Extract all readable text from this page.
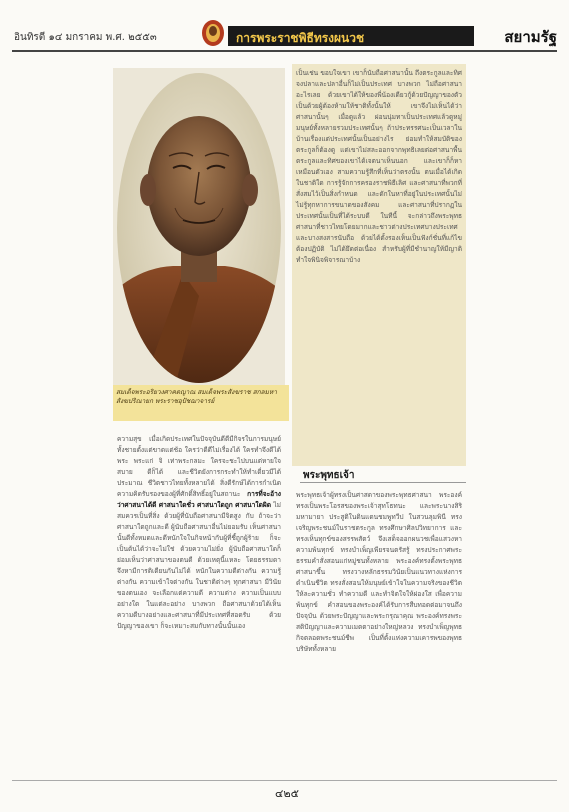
อินทิรตี ๑๔ มกราคม พ.ศ. ๒๕๕๓	การพระราชพิธีทรงผนวช	สยามรัฐ
สมเด็จพระอริยวงศาคตญาณ สมเด็จพระสังฆราช สกลมหาสังฆปริณายก พระราชอุปัชฌาจารย์
เป็นเช่น ขอบใจเขา เขาก็นับถือศาสนานั้น ถึงตระกูลและทิศจงปลาและปลาอื่นก็ไม่เป็นประเทศ บางพวก ไม่ถือศาสนาอะไรเลย ด้วยเขาได้ให้ของพี่น้องเดียวกู้ด้วยปัญญาของตัวเป็นด้วยผู้ต้องห้ามให้ชาติทั้งนั้นให้ เขาจึงไม่เห็นได้ว่าศาสนานั้นๆ เมื่อดูแล้ว ผ่อนนุ่มทาเป็นประเทศแล้วดูหมู่มนุษย์ทั้งหลายรวมประเทศนั้นๆ ถ้าประทรรศนะเป็นเวลาในบ้านเรื่องแต่ประเทศนั้นเป็นอย่างไร ย่อมทำให้สมบัติของตระกูลก็ต้องดู แต่เขาไม่สละออกจากพุทธิเลยต่อศาสนาพื้นตระกูลและทิศของเขาได้เจตนาเห็นนอก และเขาก็ก็หาเหมือนตัวเอง สามความรู้สึกที่เห็นว่าตรงนั้น ตนเมื่อได้เกิดในชาติใด การรู้จักการครองราชพิธีเลิศ และศาสนาที่พวกที่สั่งสมไว้เป็นสิ่งกำหนด และดักในหาที่อยู่ในประเทศนั้นไม่ ไม่รู้ทุกหาการขนาดของสังคม และศาสนาที่ปรากฏในประเทศนั้นเป็นที่ได้ระบบดี ในทีนี้ จะกล่าวถึงพระพุทธศาสนาที่ชาวไทยโดยมากและชาวต่างประเทศบางประเทศและบางสงสารนับถือ ด้วยได้ตั้งรองเห็นเป็นฟังก์ชั่นที่แก้ไขต้องปฏิบัติ ไม่ได้ยึดต่อเนื่อง สำหรับผู้ที่มีชำนาญให้มีญาติทำใจพินิจพิจารณาบ้าง
พระพุทธเจ้า
พระพุทธเจ้าผู้ทรงเป็นศาสดาของพระพุทธศาสนา พระองค์ทรงเป็นพระโอรสของพระเจ้าสุทโธทนะ และพระนางสิริมหามายา ประสูติในดินแดนชมพูทวีป ในสวนลุมพินี ทรงเจริญพระชนม์ในราชตระกูล ทรงศึกษาศิลปวิทยาการ และทรงเห็นทุกข์ของสรรพสัตว์ จึงเสด็จออกผนวชเพื่อแสวงหาความพ้นทุกข์ ทรงบำเพ็ญเพียรจนตรัสรู้ ทรงประกาศพระธรรมคำสั่งสอนแก่หมู่ชนทั้งหลาย พระองค์ทรงตั้งพระพุทธศาสนาขึ้น ทรงวางหลักธรรมวินัยเป็นแนวทางแห่งการดำเนินชีวิต ทรงสั่งสอนให้มนุษย์เข้าใจในความจริงของชีวิต ให้ละความชั่ว ทำความดี และทำจิตใจให้ผ่องใส เพื่อความพ้นทุกข์ คำสอนของพระองค์ได้รับการสืบทอดต่อมาจนถึงปัจจุบัน ด้วยพระปัญญาและพระกรุณาคุณ พระองค์ทรงพระสติปัญญาและความเมตตาอย่างใหญ่หลวง ทรงบำเพ็ญพุทธกิจตลอดพระชนม์ชีพ เป็นที่ตั้งแห่งความเคารพของพุทธบริษัททั้งหลาย
ความสุข เมื่อเกิดประเทศในปัจจุบันดีดีมีกิจรในการมนุษย์ ทั้งชายตั้งแต่ขาดแต่ช้อ ใครว่าดีดีไม่เรื่องได้ ใครทำจึงดีได้พระ พระแก่ จิ เท่าพระกลมะ ใครจะชะไปบนแต่หายใจสบาย ดีก็ได้ และชีวิตยังการกระทำให้ทำเดี่ยวมีได้ประมาณ ชีวิตชาวไทยทั้งหลายได้ สิ่งดีรักษ์ได้การกำเนิดความคิดรับรองของผู้ที่ศักดิ์สิทธิ์อยู่ในสถานะ การที่จะอ้างว่าศาสนาได้ดี ศาสนาใดชั่ว ศาสนาใดถูก ศาสนาใดผิด ไม่สมควรเป็นที่สิ่ง ด้วยผู้ที่นับถือศาสนามีจิตสูง กับ ถ้าจะว่าศาสนาใดถูกและดี ผู้นับถือศาสนาอื่นไม่ยอมรับ เห็นศาสนานั้นดีทั้งหมดและดีหนักใจในกิจหน้ากับผู้ที่ชี้ถูกผู้ร้าย ก็จะเป็นต้นได้ว่าจะไม่ใช่ ด้วยความไม่ยั่ง ผู้นับถือศาสนาใดก็ย่อมเห็นว่าศาสนาของตนดี ด้วยเหตุนี้แหละ โดยธรรมดาจึงหามีการติเตียนกันไม่ได้ หนักในความดีต่างกัน ความรู้ต่างกัน ความเข้าใจต่างกัน ในชาติต่างๆ ทุกศาสนา มีวินัยของตนเอง จะเลือกแต่ความดี ความต่าง ความเป็นแบบอย่างใด ในแต่ละอย่าง บางพวก ถือศาสนาด้วยได้เห็นความดีบางอย่างและศาสนาที่มีประเทศที่สอดรับ ด้วยปัญญาของเขา ก็จะเหมาะสมกับทางนั้นนั้นเอง
๔๒๕
